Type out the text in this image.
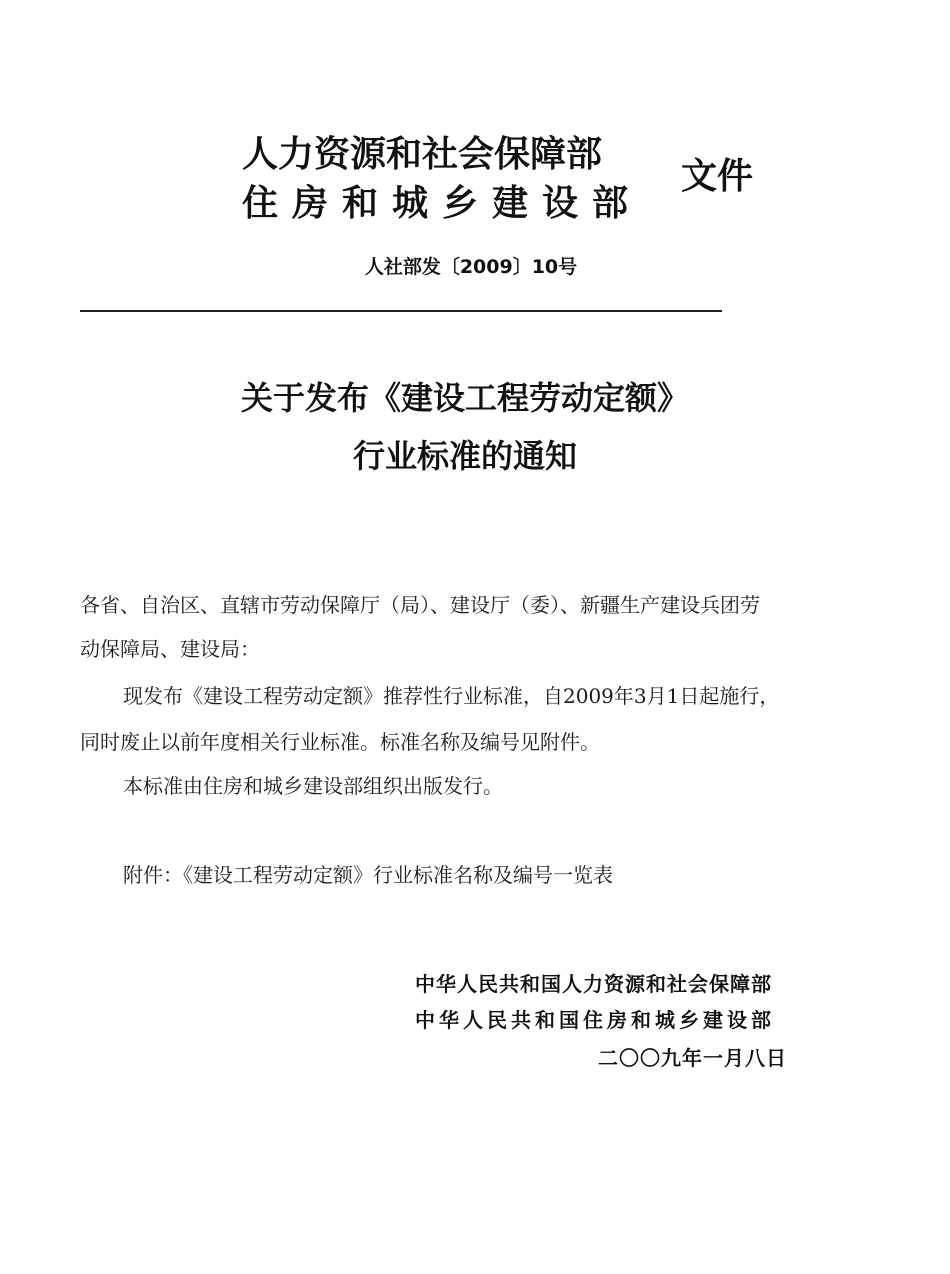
人力资源和社会保障部
住房和城乡建设部
文件
人社部发〔2009〕10号
关于发布《建设工程劳动定额》
行业标准的通知
各省、自治区、直辖市劳动保障厅（局）、建设厅（委）、新疆生产建设兵团劳
动保障局、建设局：
现发布《建设工程劳动定额》推荐性行业标准，自2009年3月1日起施行，
同时废止以前年度相关行业标准。标准名称及编号见附件。
本标准由住房和城乡建设部组织出版发行。
附件：《建设工程劳动定额》行业标准名称及编号一览表
中华人民共和国人力资源和社会保障部
中华人民共和国住房和城乡建设部
二〇〇九年一月八日
